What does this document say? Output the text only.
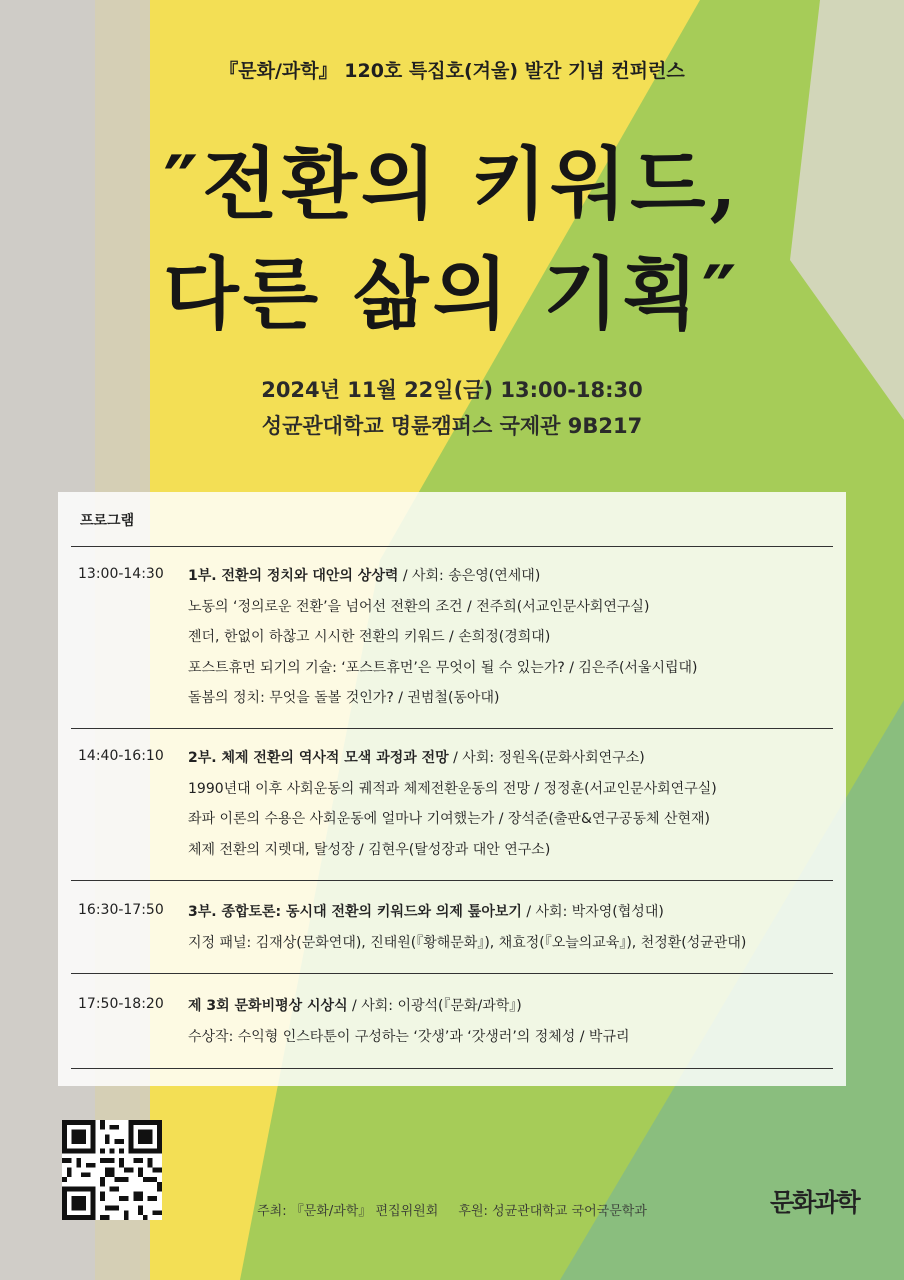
『문화/과학』 120호 특집호(겨울) 발간 기념 컨퍼런스
″전환의 키워드,
다른 삶의 기획″
2024년 11월 22일(금) 13:00-18:30
성균관대학교 명륜캠퍼스 국제관 9B217
프로그램
13:00-14:30 1부. 전환의 정치와 대안의 상상력 / 사회: 송은영(연세대)
노동의 ‘정의로운 전환’을 넘어선 전환의 조건 / 전주희(서교인문사회연구실)
젠더, 한없이 하찮고 시시한 전환의 키워드 / 손희정(경희대)
포스트휴먼 되기의 기술: ‘포스트휴먼’은 무엇이 될 수 있는가? / 김은주(서울시립대)
돌봄의 정치: 무엇을 돌볼 것인가? / 권범철(동아대)
14:40-16:10 2부. 체제 전환의 역사적 모색 과정과 전망 / 사회: 정원옥(문화사회연구소)
1990년대 이후 사회운동의 궤적과 체제전환운동의 전망 / 정정훈(서교인문사회연구실)
좌파 이론의 수용은 사회운동에 얼마나 기여했는가 / 장석준(출판&연구공동체 산현재)
체제 전환의 지렛대, 탈성장 / 김현우(탈성장과 대안 연구소)
16:30-17:50 3부. 종합토론: 동시대 전환의 키워드와 의제 톺아보기 / 사회: 박자영(협성대)
지정 패널: 김재상(문화연대), 진태원(『황해문화』), 채효정(『오늘의교육』), 천정환(성균관대)
17:50-18:20 제 3회 문화비평상 시상식 / 사회: 이광석(『문화/과학』)
수상작: 수익형 인스타툰이 구성하는 ‘갓생’과 ‘갓생러’의 정체성 / 박규리
주최: 『문화/과학』 편집위원회 후원: 성균관대학교 국어국문학과	문화과학
